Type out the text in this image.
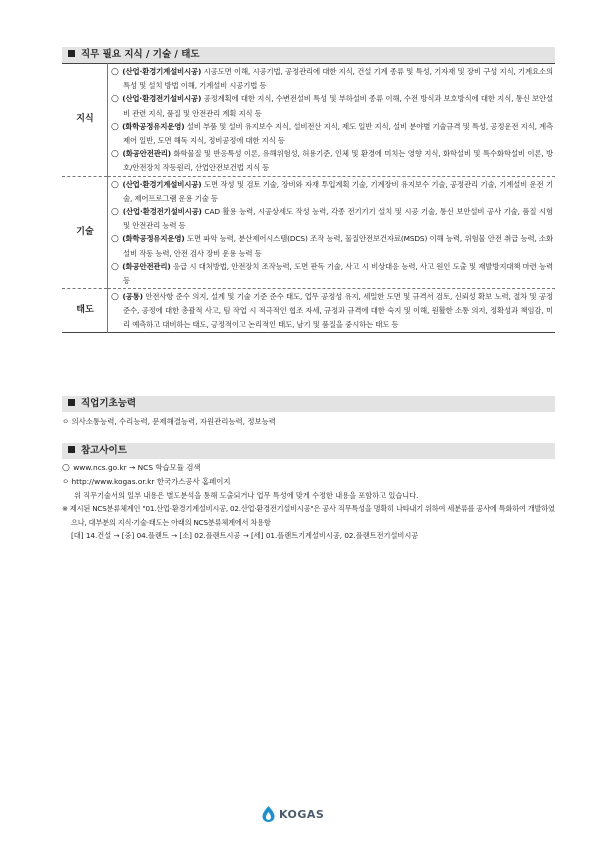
직무 필요 지식 / 기술 / 태도
지식	○ (산업·환경기계설비시공) 시공도면 이해, 시공기법, 공정관리에 대한 지식, 건설 기계 종류 및 특성, 기자재 및 장비 구성 지식, 기계요소의 특성 및 설치 방법 이해, 기계설비 시공기법 등
○ (산업·환경전기설비시공) 공정계획에 대한 지식, 수변전설비 특성 및 부하설비 종류 이해, 수전 방식과 보호방식에 대한 지식, 통신 보안설비 관련 지식, 품질 및 안전관리 계획 지식 등
○ (화학공정유지운영) 설비 부품 및 설비 유지보수 지식, 설비전산 지식, 제도 일반 지식, 설비 분야별 기술규격 및 특성, 공정운전 지식, 계측제어 일반, 도면 해독 지식, 정비공정에 대한 지식 등
○ (화공안전관리) 화학물질 및 반응특성 이론, 유해위험성, 허용기준, 인체 및 환경에 미치는 영향 지식, 화학설비 및 특수화학설비 이론, 방호/안전장치 작동원리, 산업안전보건법 지식 등

기술	○ (산업·환경기계설비시공) 도면 작성 및 검토 기술, 장비와 자재 투입계획 기술, 기계장비 유지보수 기술, 공정관리 기술, 기계설비 운전 기술, 제어프로그램 운용 기술 등
○ (산업·환경전기설비시공) CAD 활용 능력, 시공상세도 작성 능력, 각종 전기기기 설치 및 시공 기술, 통신 보안설비 공사 기술, 품질 시험 및 안전관리 능력 등
○ (화학공정유지운영) 도면 파악 능력, 분산제어시스템(DCS) 조작 능력, 물질안전보건자료(MSDS) 이해 능력, 위험물 안전 취급 능력, 소화설비 작동 능력, 안전 검사 장비 운용 능력 등
○ (화공안전관리) 응급 시 대처방법, 안전장치 조작능력, 도면 판독 기술, 사고 시 비상대응 능력, 사고 원인 도출 및 재발방지대책 마련 능력 등

태도	○ (공통) 안전사항 준수 의지, 설계 및 기술 기준 준수 태도, 업무 공정성 유지, 세밀한 도면 및 규격서 검토, 신뢰성 확보 노력, 절차 및 공정 준수, 공정에 대한 총괄적 사고, 팀 작업 시 적극적인 협조 자세, 규정과 규격에 대한 숙지 및 이해, 원활한 소통 의지, 정확성과 책임감, 미리 예측하고 대비하는 태도, 긍정적이고 논리적인 태도, 남기 및 품질을 중시하는 태도 등
직업기초능력
ㅇ 의사소통능력, 수리능력, 문제해결능력, 자원관리능력, 정보능력
참고사이트
○ www.ncs.go.kr → NCS 학습모듈 검색
ㅇ http://www.kogas.or.kr 한국가스공사 홈페이지
위 직무기술서의 일부 내용은 별도분석을 통해 도출되거나 업무 특성에 맞게 수정한 내용을 포함하고 있습니다.
※ 제시된 NCS분류체계인 "01.산업·환경기계설비시공, 02.산업·환경전기설비시공"은 공사 직무특성을 명확히 나타내기 위하여 세분류를 공사에 특화하여 개발하였으나, 대부분의 지식·기술·태도는 아래의 NCS분류체계에서 차용함
[대] 14.건설 → [중] 04.플랜트 → [소] 02.플랜트시공 → [세] 01.플랜트기계설비시공, 02.플랜트전기설비시공
KOGAS
